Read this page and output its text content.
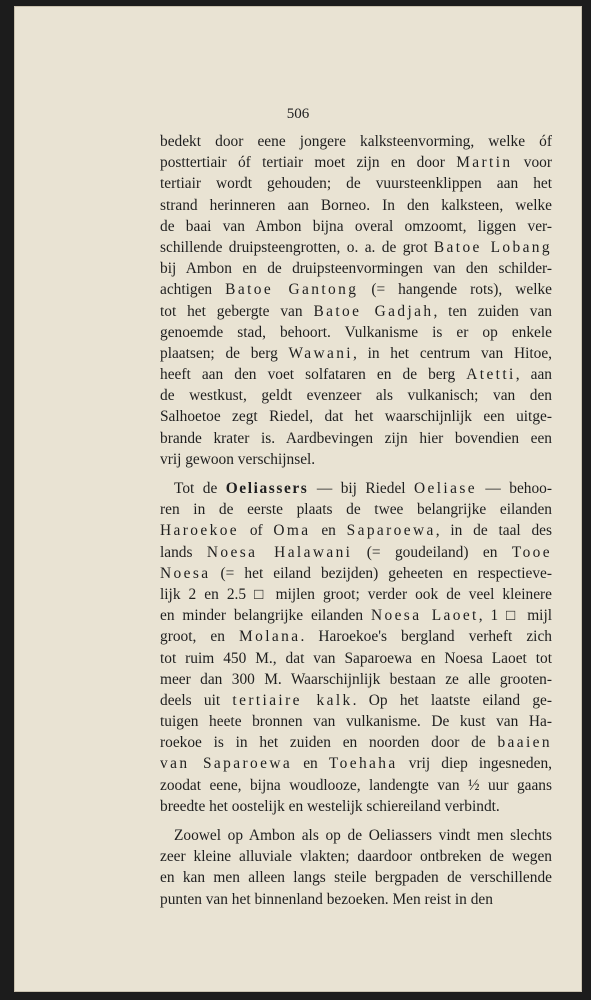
506
bedekt door eene jongere kalksteenvorming, welke óf
posttertiair óf tertiair moet zijn en door Martin voor
tertiair wordt gehouden; de vuursteenklippen aan het
strand herinneren aan Borneo. In den kalksteen, welke
de baai van Ambon bijna overal omzoomt, liggen ver-
schillende druipsteengrotten, o. a. de grot Batoe Lobang
bij Ambon en de druipsteenvormingen van den schilder-
achtigen Batoe Gantong (= hangende rots), welke
tot het gebergte van Batoe Gadjah, ten zuiden van
genoemde stad, behoort. Vulkanisme is er op enkele
plaatsen; de berg Wawani, in het centrum van Hitoe,
heeft aan den voet solfataren en de berg Atetti, aan
de westkust, geldt evenzeer als vulkanisch; van den
Salhoetoe zegt Riedel, dat het waarschijnlijk een uitge-
brande krater is. Aardbevingen zijn hier bovendien een
vrij gewoon verschijnsel.
Tot de Oeliassers — bij Riedel Oeliase — behoo-
ren in de eerste plaats de twee belangrijke eilanden
Haroekoe of Oma en Saparoewa, in de taal des
lands Noesa Halawani (= goudeiland) en Tooe
Noesa (= het eiland bezijden) geheeten en respectieve-
lijk 2 en 2.5 □ mijlen groot; verder ook de veel kleinere
en minder belangrijke eilanden Noesa Laoet, 1 □ mijl
groot, en Molana. Haroekoe's bergland verheft zich
tot ruim 450 M., dat van Saparoewa en Noesa Laoet tot
meer dan 300 M. Waarschijnlijk bestaan ze alle grooten-
deels uit tertiaire kalk. Op het laatste eiland ge-
tuigen heete bronnen van vulkanisme. De kust van Ha-
roekoe is in het zuiden en noorden door de baaien
van Saparoewa en Toehaha vrij diep ingesneden,
zoodat eene, bijna woudlooze, landengte van ½ uur gaans
breedte het oostelijk en westelijk schiereiland verbindt.
Zoowel op Ambon als op de Oeliassers vindt men slechts
zeer kleine alluviale vlakten; daardoor ontbreken de wegen
en kan men alleen langs steile bergpaden de verschillende
punten van het binnenland bezoeken. Men reist in den
